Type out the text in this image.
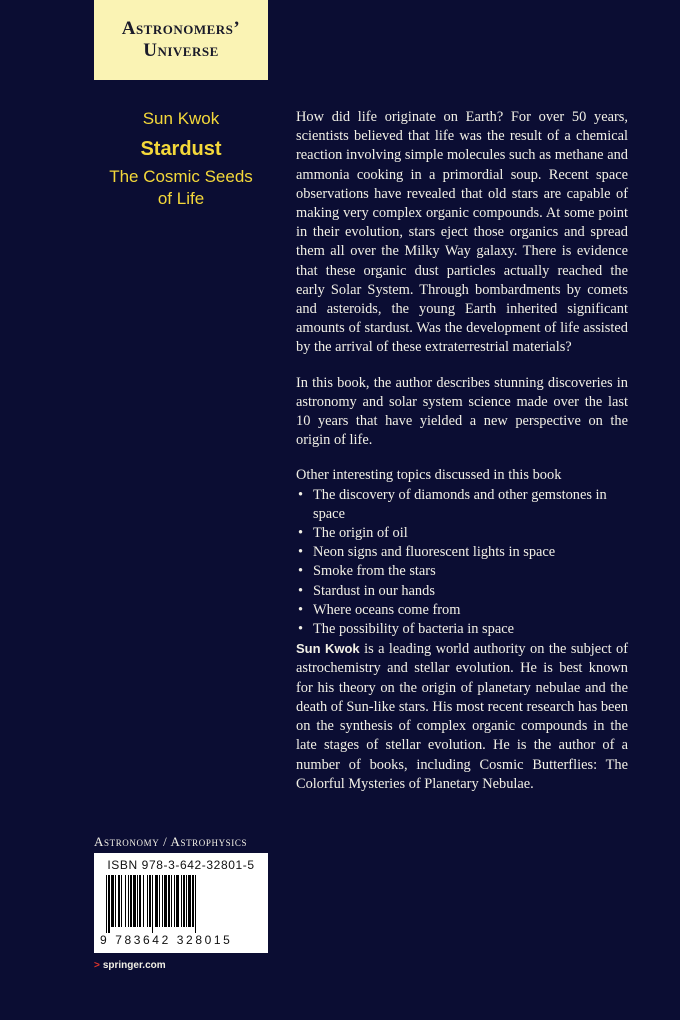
Astronomers’
Universe
Sun Kwok
Stardust
The Cosmic Seeds
of Life

How did life originate on Earth? For over 50 years, scientists believed that life was the result of a chemical reaction involving simple molecules such as methane and ammonia cooking in a primordial soup. Recent space observations have revealed that old stars are capable of making very complex organic compounds. At some point in their evolution, stars eject those organics and spread them all over the Milky Way galaxy. There is evidence that these organic dust particles actually reached the early Solar System. Through bombardments by comets and asteroids, the young Earth inherited significant amounts of stardust. Was the development of life assisted by the arrival of these extraterrestrial materials?

In this book, the author describes stunning discoveries in astronomy and solar system science made over the last 10 years that have yielded a new perspective on the origin of life.

Other interesting topics discussed in this book
• The discovery of diamonds and other gemstones in space
• The origin of oil
• Neon signs and fluorescent lights in space
• Smoke from the stars
• Stardust in our hands
• Where oceans come from
• The possibility of bacteria in space

Sun Kwok is a leading world authority on the subject of astrochemistry and stellar evolution. He is best known for his theory on the origin of planetary nebulae and the death of Sun-like stars. His most recent research has been on the synthesis of complex organic compounds in the late stages of stellar evolution. He is the author of a number of books, including Cosmic Butterflies: The Colorful Mysteries of Planetary Nebulae.

Astronomy / Astrophysics
ISBN 978-3-642-32801-5
9 783642 328015
> springer.com
